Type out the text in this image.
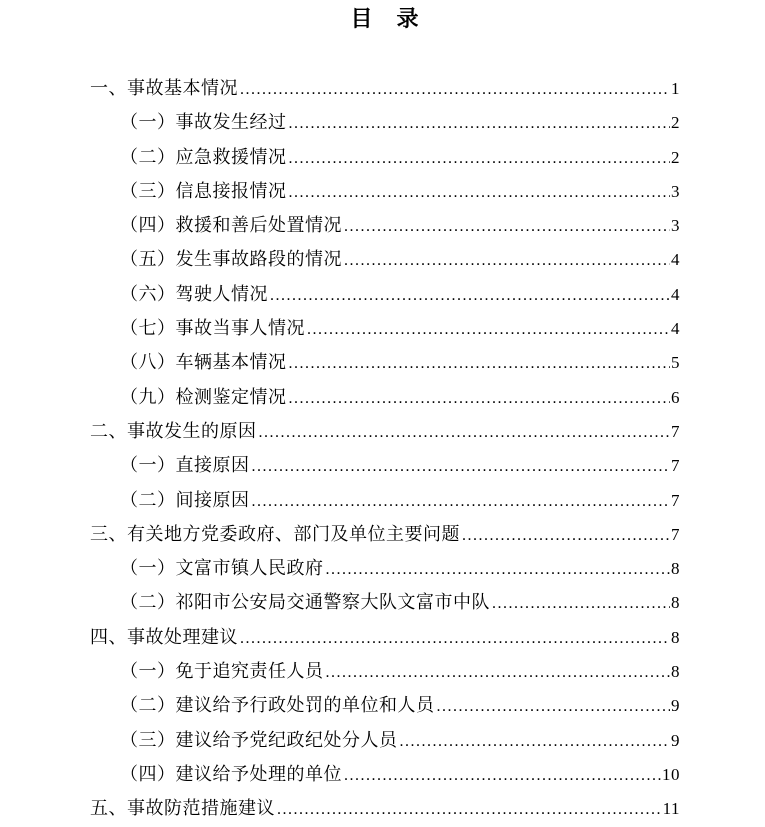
目　录
一、事故基本情况 .....	1
（一）事故发生经过 .....	2
（二）应急救援情况 .....	2
（三）信息接报情况 .....	3
（四）救援和善后处置情况 .....	3
（五）发生事故路段的情况 .....	4
（六）驾驶人情况 .....	4
（七）事故当事人情况 .....	4
（八）车辆基本情况 .....	5
（九）检测鉴定情况 .....	6
二、事故发生的原因 .....	7
（一）直接原因 .....	7
（二）间接原因 .....	7
三、有关地方党委政府、部门及单位主要问题 .....	7
（一）文富市镇人民政府 .....	8
（二）祁阳市公安局交通警察大队文富市中队 .....	8
四、事故处理建议 .....	8
（一）免于追究责任人员 .....	8
（二）建议给予行政处罚的单位和人员 .....	9
（三）建议给予党纪政纪处分人员 .....	9
（四）建议给予处理的单位 .....	10
五、事故防范措施建议 .....	11
